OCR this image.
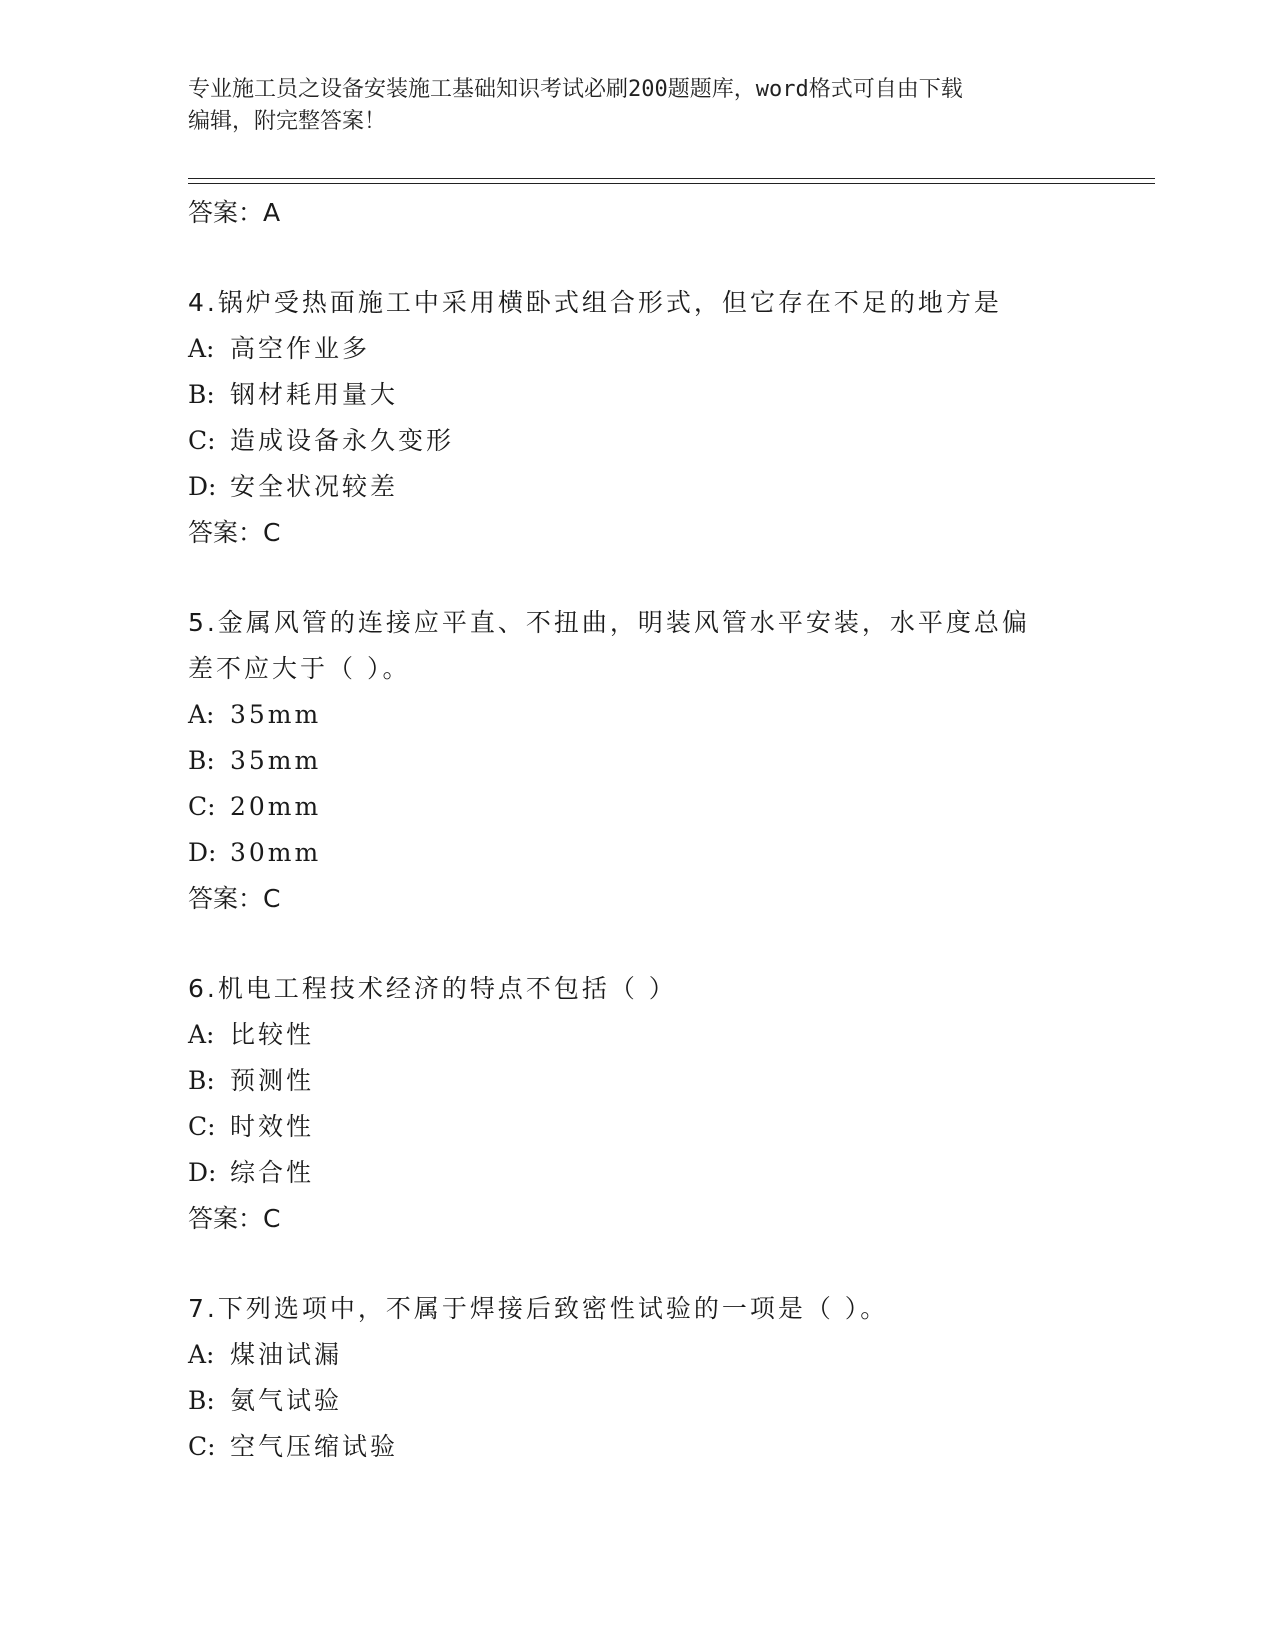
专业施工员之设备安装施工基础知识考试必刷200题题库，word格式可自由下载
编辑，附完整答案！
答案：A
4.锅炉受热面施工中采用横卧式组合形式，但它存在不足的地方是
A: 高空作业多
B: 钢材耗用量大
C: 造成设备永久变形
D: 安全状况较差
答案：C
5.金属风管的连接应平直、不扭曲，明装风管水平安装，水平度总偏
差不应大于（ ）。
A: 35mm
B: 35mm
C: 20mm
D: 30mm
答案：C
6.机电工程技术经济的特点不包括（ ）
A: 比较性
B: 预测性
C: 时效性
D: 综合性
答案：C
7.下列选项中，不属于焊接后致密性试验的一项是（ ）。
A: 煤油试漏
B: 氨气试验
C: 空气压缩试验
